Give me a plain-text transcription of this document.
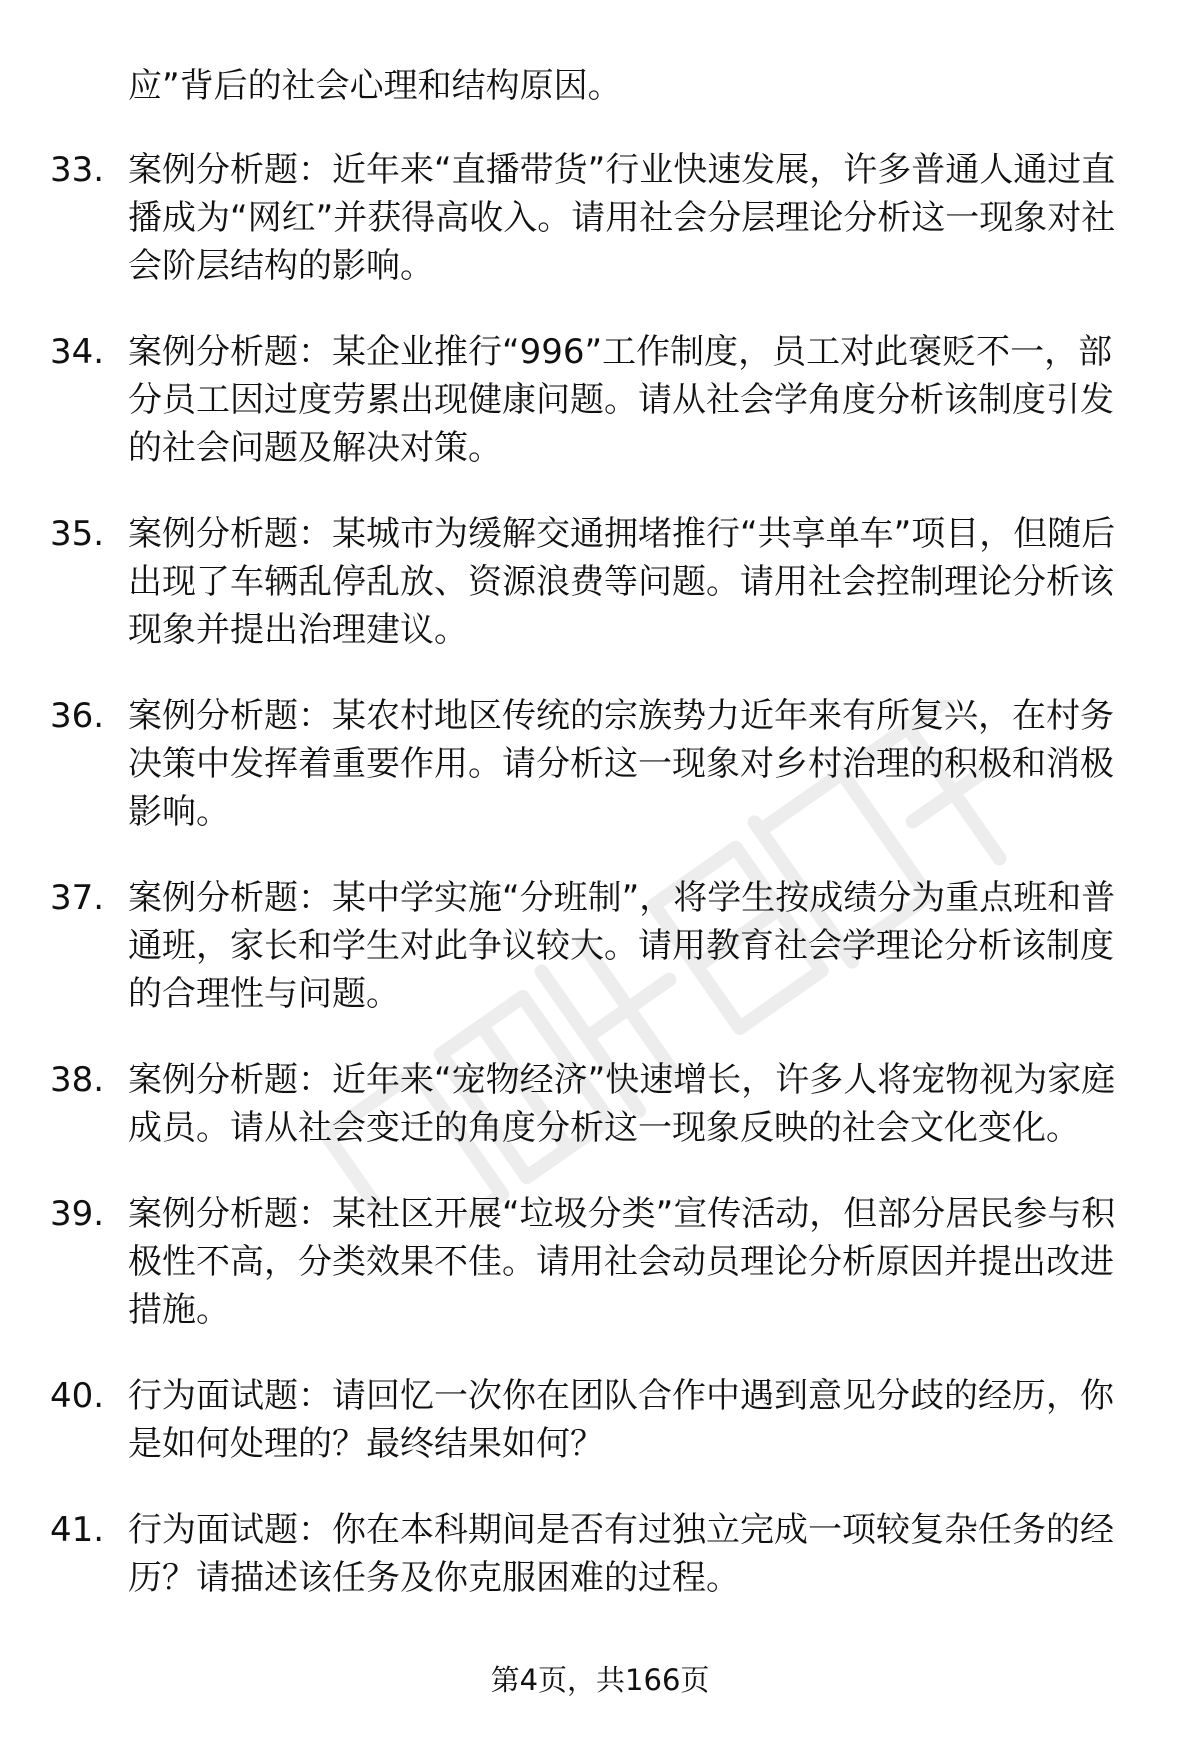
应”背后的社会心理和结构原因。
33. 案例分析题：近年来“直播带货”行业快速发展，许多普通人通过直播成为“网红”并获得高收入。请用社会分层理论分析这一现象对社会阶层结构的影响。
34. 案例分析题：某企业推行“996”工作制度，员工对此褒贬不一，部分员工因过度劳累出现健康问题。请从社会学角度分析该制度引发的社会问题及解决对策。
35. 案例分析题：某城市为缓解交通拥堵推行“共享单车”项目，但随后出现了车辆乱停乱放、资源浪费等问题。请用社会控制理论分析该现象并提出治理建议。
36. 案例分析题：某农村地区传统的宗族势力近年来有所复兴，在村务决策中发挥着重要作用。请分析这一现象对乡村治理的积极和消极影响。
37. 案例分析题：某中学实施“分班制”，将学生按成绩分为重点班和普通班，家长和学生对此争议较大。请用教育社会学理论分析该制度的合理性与问题。
38. 案例分析题：近年来“宠物经济”快速增长，许多人将宠物视为家庭成员。请从社会变迁的角度分析这一现象反映的社会文化变化。
39. 案例分析题：某社区开展“垃圾分类”宣传活动，但部分居民参与积极性不高，分类效果不佳。请用社会动员理论分析原因并提出改进措施。
40. 行为面试题：请回忆一次你在团队合作中遇到意见分歧的经历，你是如何处理的？最终结果如何？
41. 行为面试题：你在本科期间是否有过独立完成一项较复杂任务的经历？请描述该任务及你克服困难的过程。
第4页，共166页
